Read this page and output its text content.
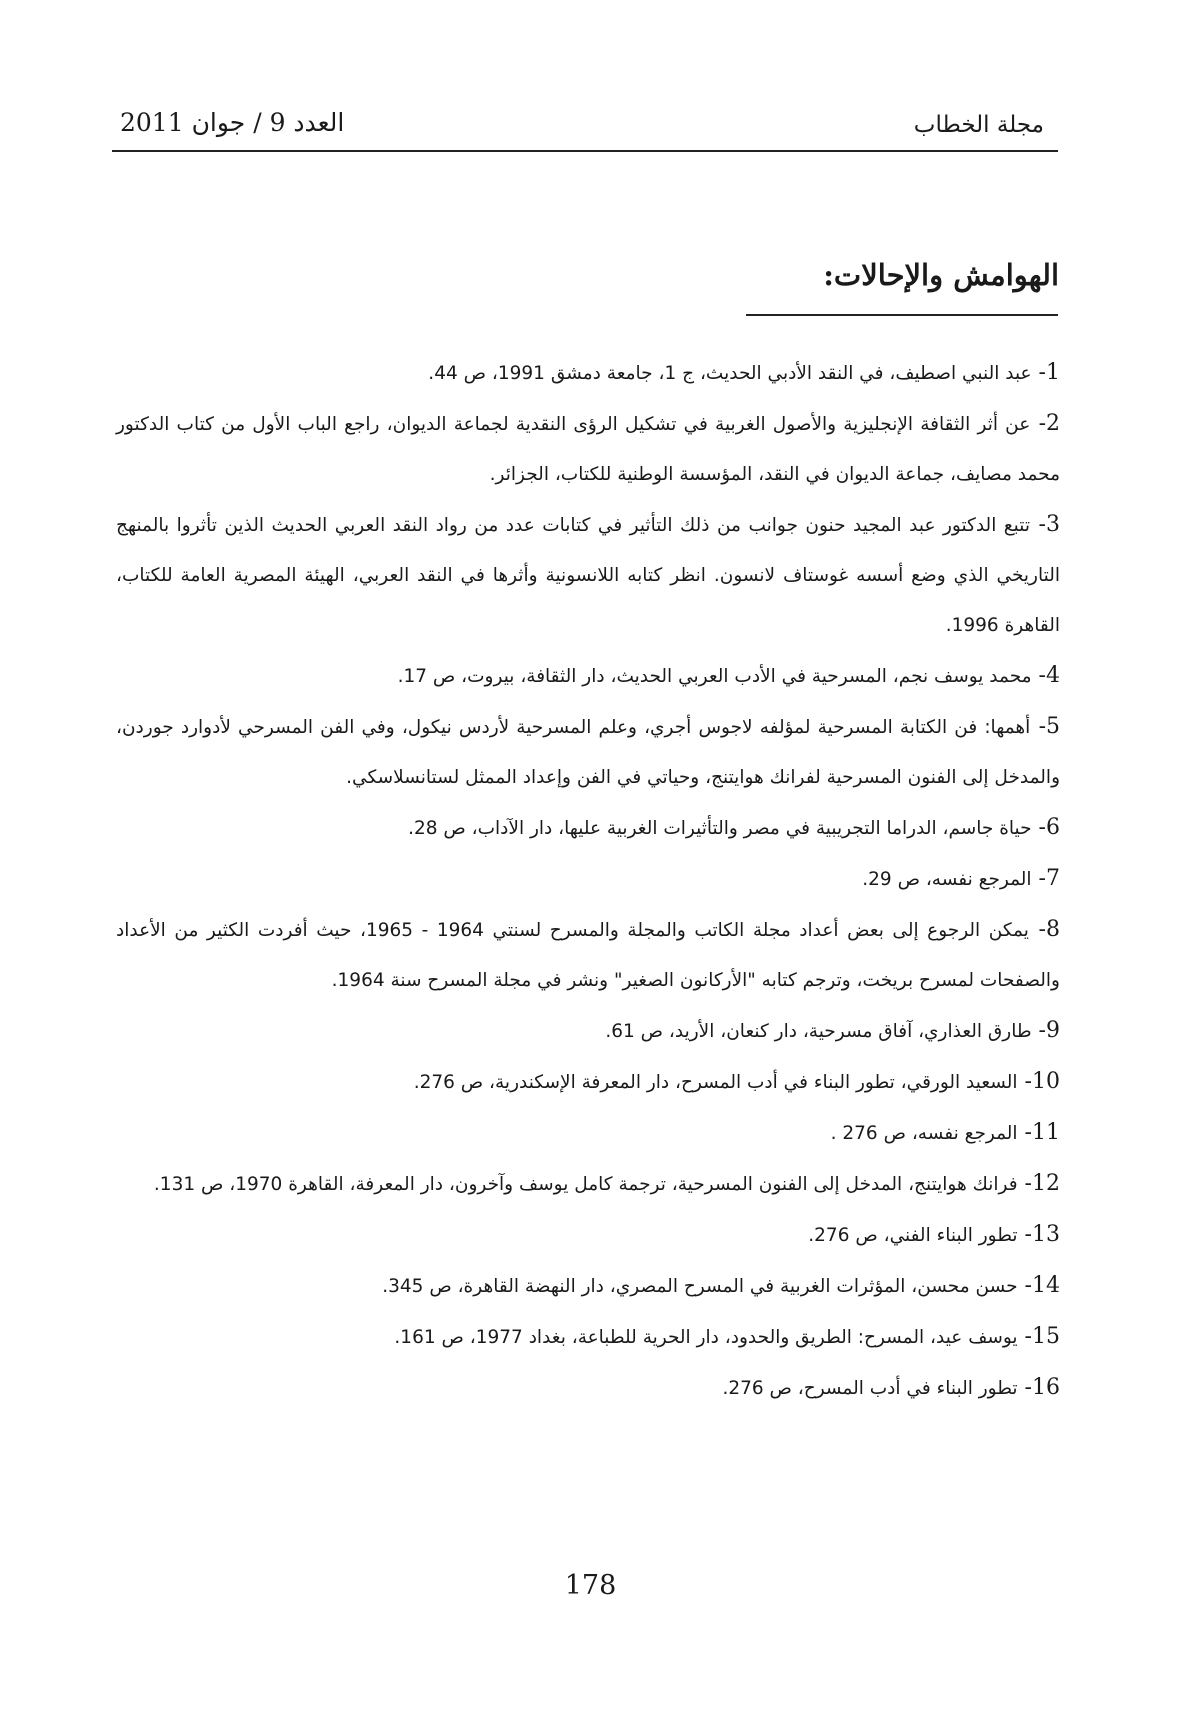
مجلة الخطاب
العدد 9 / جوان 2011
الهوامش والإحالات:
1 - عبد النبي اصطيف، في النقد الأدبي الحديث، ج 1، جامعة دمشق 1991، ص 44.
2 - عن أثر الثقافة الإنجليزية والأصول الغربية في تشكيل الرؤى النقدية لجماعة الديوان، راجع الباب الأول من كتاب الدكتور محمد مصايف، جماعة الديوان في النقد، المؤسسة الوطنية للكتاب، الجزائر.
3 - تتبع الدكتور عبد المجيد حنون جوانب من ذلك التأثير في كتابات عدد من رواد النقد العربي الحديث الذين تأثروا بالمنهج التاريخي الذي وضع أسسه غوستاف لانسون. انظر كتابه اللانسونية وأثرها في النقد العربي، الهيئة المصرية العامة للكتاب، القاهرة 1996.
4 - محمد يوسف نجم، المسرحية في الأدب العربي الحديث، دار الثقافة، بيروت، ص 17.
5 - أهمها: فن الكتابة المسرحية لمؤلفه لاجوس أجري، وعلم المسرحية لأردس نيكول، وفي الفن المسرحي لأدوارد جوردن، والمدخل إلى الفنون المسرحية لفرانك هوايتنج، وحياتي في الفن وإعداد الممثل لستانسلاسكي.
6 - حياة جاسم، الدراما التجريبية في مصر والتأثيرات الغربية عليها، دار الآداب، ص 28.
7 - المرجع نفسه، ص 29.
8 - يمكن الرجوع إلى بعض أعداد مجلة الكاتب والمجلة والمسرح لسنتي 1964 - 1965، حيث أفردت الكثير من الأعداد والصفحات لمسرح بريخت، وترجم كتابه "الأركانون الصغير" ونشر في مجلة المسرح سنة 1964.
9 - طارق العذاري، آفاق مسرحية، دار كنعان، الأريد، ص 61.
10 - السعيد الورقي، تطور البناء في أدب المسرح، دار المعرفة الإسكندرية، ص 276.
11 - المرجع نفسه، ص 276 .
12 - فرانك هوايتنج، المدخل إلى الفنون المسرحية، ترجمة كامل يوسف وآخرون، دار المعرفة، القاهرة 1970، ص 131.
13 - تطور البناء الفني، ص 276.
14 - حسن محسن، المؤثرات الغربية في المسرح المصري، دار النهضة القاهرة، ص 345.
15 - يوسف عيد، المسرح: الطريق والحدود، دار الحرية للطباعة، بغداد 1977، ص 161.
16 - تطور البناء في أدب المسرح، ص 276.
178
